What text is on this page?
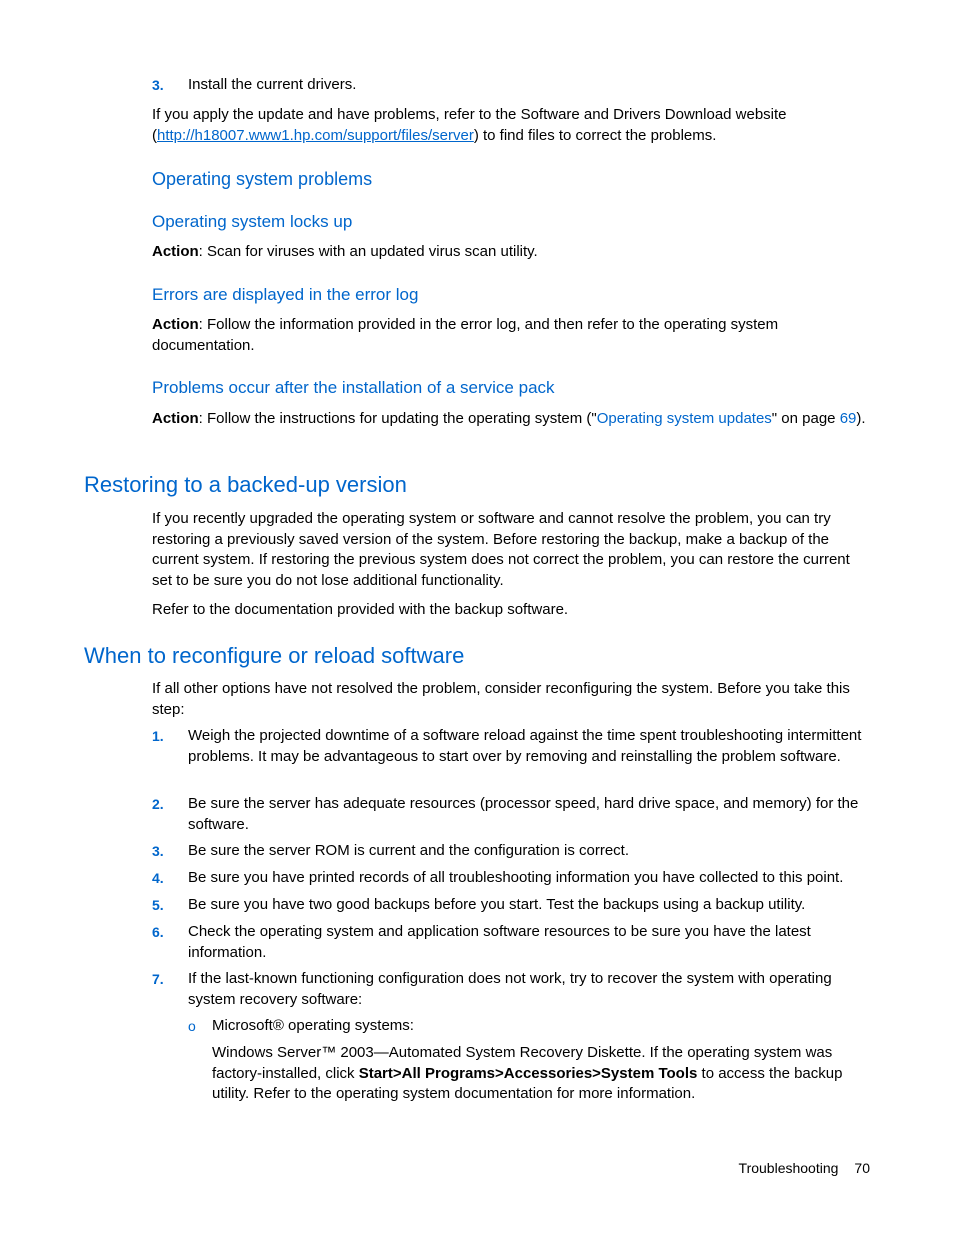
3. Install the current drivers.

If you apply the update and have problems, refer to the Software and Drivers Download website (http://h18007.www1.hp.com/support/files/server) to find files to correct the problems.

Operating system problems
Operating system locks up

Action: Scan for viruses with an updated virus scan utility.

Errors are displayed in the error log

Action: Follow the information provided in the error log, and then refer to the operating system documentation.

Problems occur after the installation of a service pack

Action: Follow the instructions for updating the operating system ("Operating system updates" on page 69).

Restoring to a backed-up version

If you recently upgraded the operating system or software and cannot resolve the problem, you can try restoring a previously saved version of the system. Before restoring the backup, make a backup of the current system. If restoring the previous system does not correct the problem, you can restore the current set to be sure you do not lose additional functionality.

Refer to the documentation provided with the backup software.

When to reconfigure or reload software

If all other options have not resolved the problem, consider reconfiguring the system. Before you take this step:

1. Weigh the projected downtime of a software reload against the time spent troubleshooting intermittent problems. It may be advantageous to start over by removing and reinstalling the problem software.

2. Be sure the server has adequate resources (processor speed, hard drive space, and memory) for the software.

3. Be sure the server ROM is current and the configuration is correct.

4. Be sure you have printed records of all troubleshooting information you have collected to this point.

5. Be sure you have two good backups before you start. Test the backups using a backup utility.

6. Check the operating system and application software resources to be sure you have the latest information.

7. If the last-known functioning configuration does not work, try to recover the system with operating system recovery software:

o Microsoft® operating systems:

Windows Server™ 2003—Automated System Recovery Diskette. If the operating system was factory-installed, click Start>All Programs>Accessories>System Tools to access the backup utility. Refer to the operating system documentation for more information.

Troubleshooting 70
